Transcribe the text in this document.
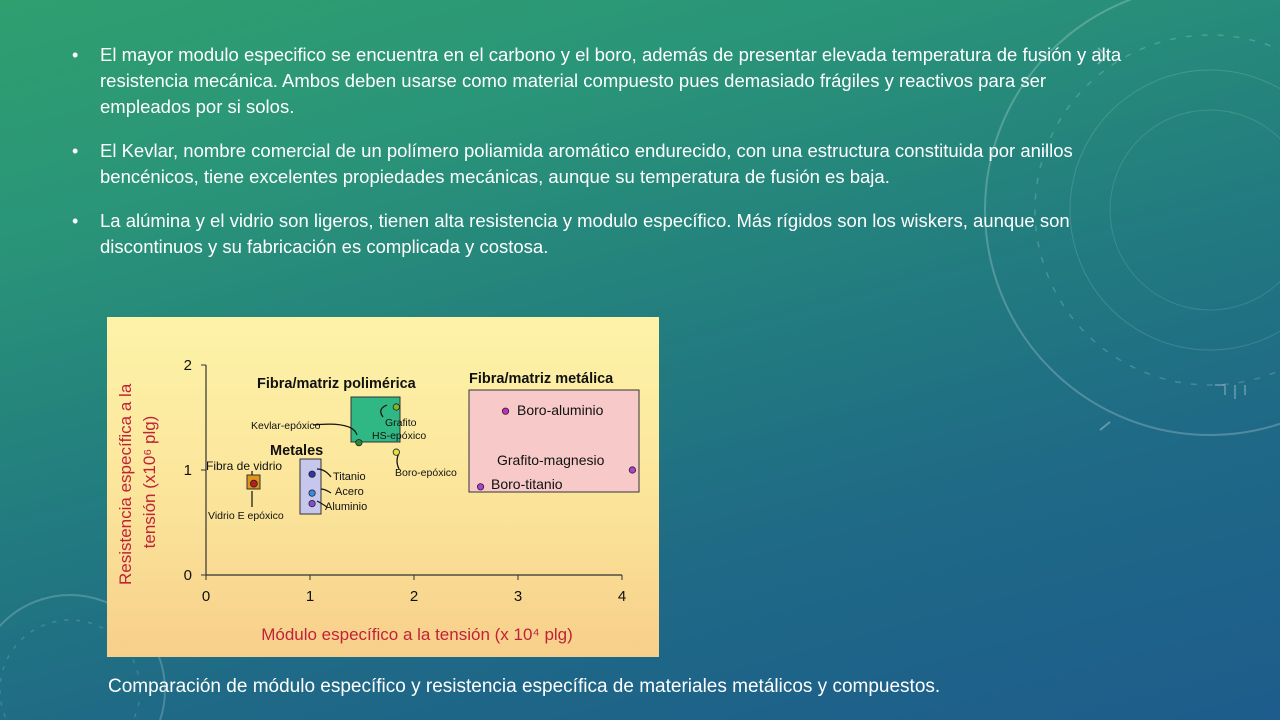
• El mayor modulo especifico se encuentra en el carbono y el boro, además de presentar elevada temperatura de fusión y alta resistencia mecánica. Ambos deben usarse como material compuesto pues demasiado frágiles y reactivos para ser empleados por si solos.
• El Kevlar, nombre comercial de un polímero poliamida aromático endurecido, con una estructura constituida por anillos bencénicos, tiene excelentes propiedades mecánicas, aunque su temperatura de fusión es baja.
• La alúmina y el vidrio son ligeros, tienen alta resistencia y modulo específico. Más rígidos son los wiskers, aunque son discontinuos y su fabricación es complicada y costosa.
Resistencia específica a la tensión (x10⁶ plg)
Módulo específico a la tensión (x 10⁴ plg)
Fibra/matriz polimérica
Metales
Fibra/matriz metálica
Fibra de vidrio
Vidrio E epóxico
Kevlar-epóxico	Grafito HS-epóxico
Boro-epóxico
Titanio
Acero
Aluminio
Boro-aluminio
Grafito-magnesio
Boro-titanio
0	1	2	3	4
0
1
2
Comparación de módulo específico y resistencia específica de materiales metálicos y compuestos.
